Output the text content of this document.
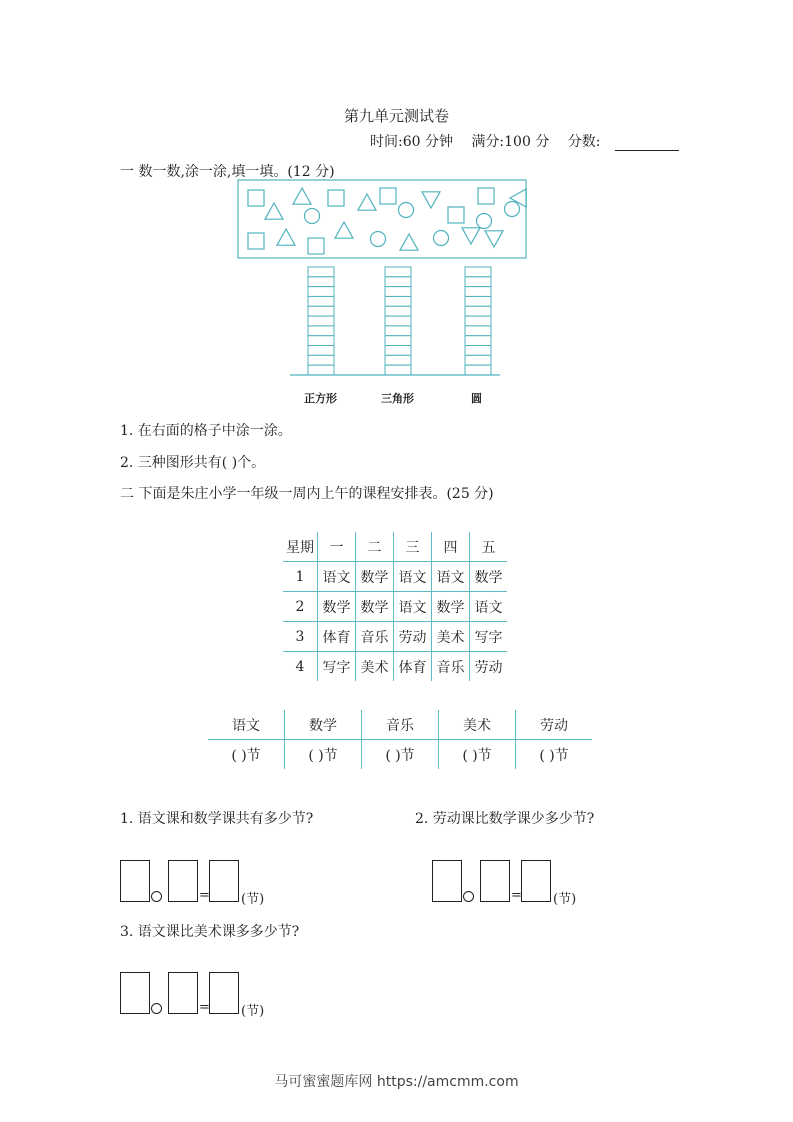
第九单元测试卷
时间:60 分钟 满分:100 分 分数:
一 数一数,涂一涂,填一填。(12 分)
正方形	三角形	圆
1. 在右面的格子中涂一涂。
2. 三种图形共有( )个。
二 下面是朱庄小学一年级一周内上午的课程安排表。(25 分)
星期	一	二	三	四	五
1	语文	数学	语文	语文	数学
2	数学	数学	语文	数学	语文
3	体育	音乐	劳动	美术	写字
4	写字	美术	体育	音乐	劳动
语文	数学	音乐	美术	劳动
( )节	( )节	( )节	( )节	( )节
1. 语文课和数学课共有多少节?	2. 劳动课比数学课少多少节?
= (节)	= (节)
3. 语文课比美术课多多少节?
= (节)
马可蜜蜜题库网 https://amcmm.com
